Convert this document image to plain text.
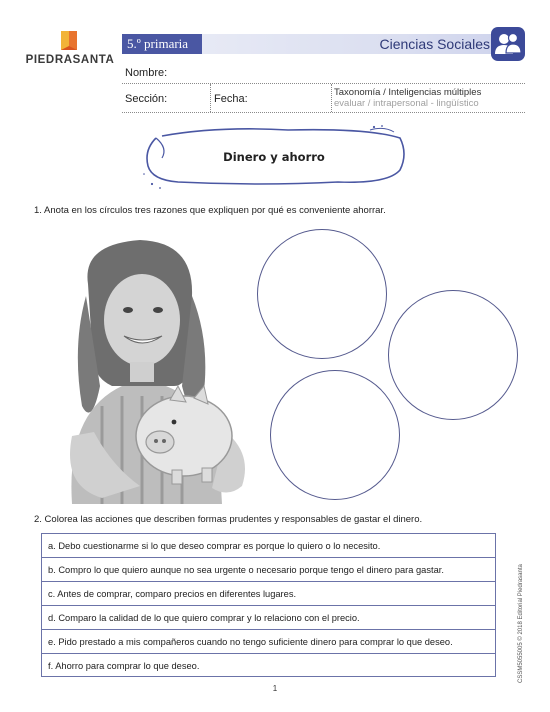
PIEDRASANTA
5.º primaria	Ciencias Sociales
Nombre:
Sección:	Fecha:
Taxonomía / Inteligencias múltiples
evaluar / intrapersonal - lingüístico
Dinero y ahorro
1. Anota en los círculos tres razones que expliquen por qué es conveniente ahorrar.
2. Colorea las acciones que describen formas prudentes y responsables de gastar el dinero.
a. Debo cuestionarme si lo que deseo comprar es porque lo quiero o lo necesito.
b. Compro lo que quiero aunque no sea urgente o necesario porque tengo el dinero para gastar.
c. Antes de comprar, comparo precios en diferentes lugares.
d. Comparo la calidad de lo que quiero comprar y lo relaciono con el precio.
e. Pido prestado a mis compañeros cuando no tengo suficiente dinero para comprar lo que deseo.
f. Ahorro para comprar lo que deseo.	CSSM5055005 © 2018 Editorial Piedrasanta
1
